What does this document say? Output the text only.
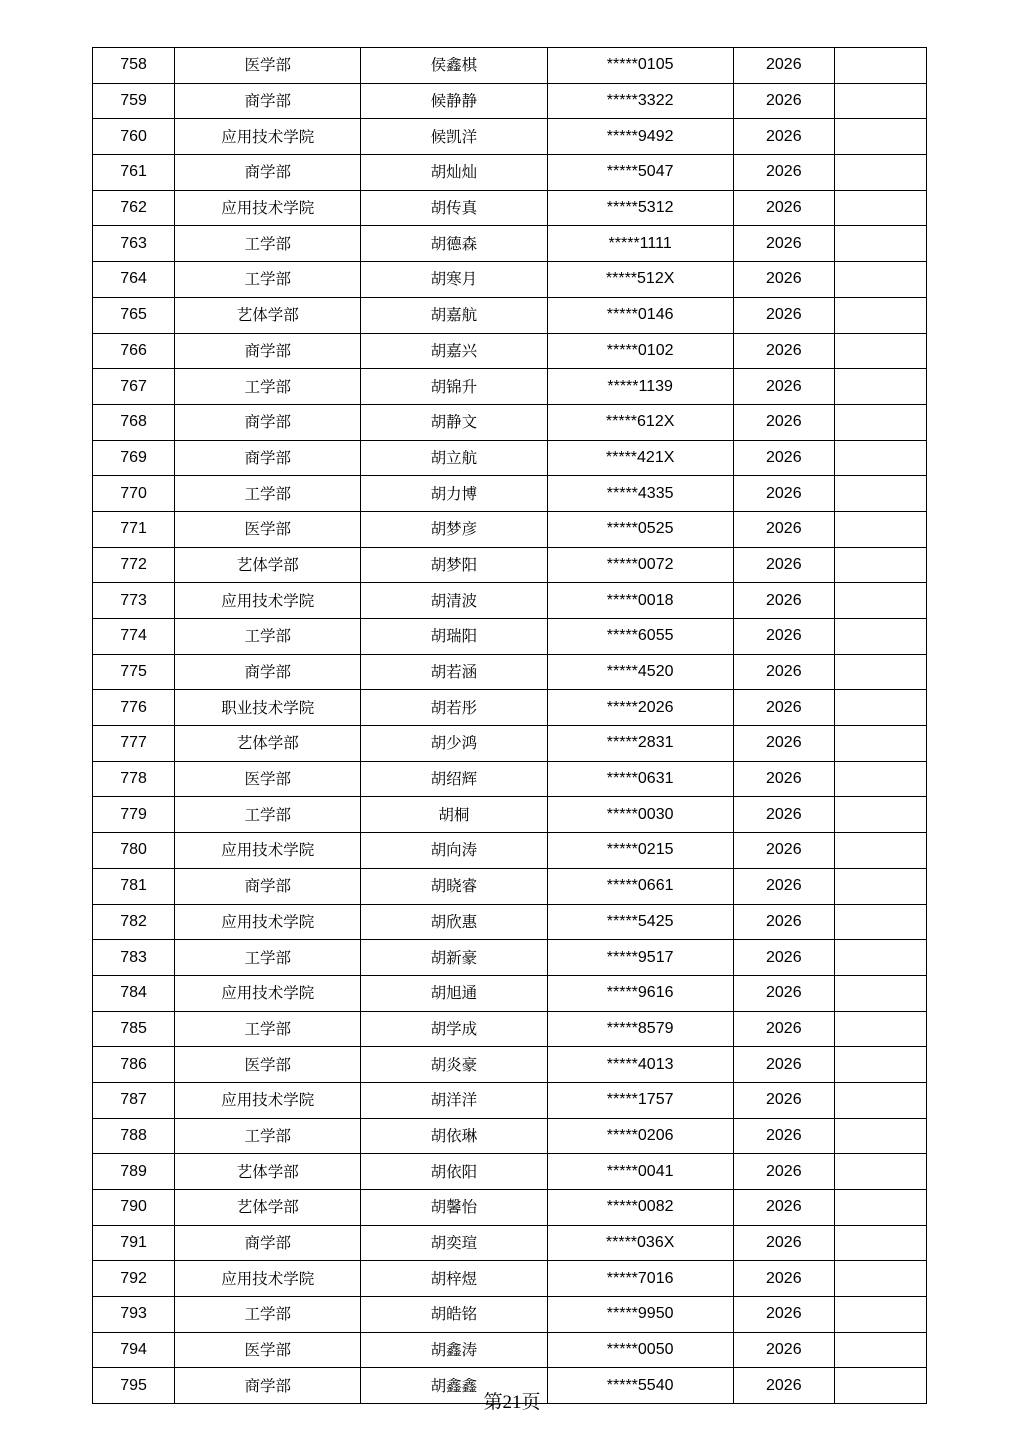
758	医学部	侯鑫棋	*****0105	2026	
759	商学部	候静静	*****3322	2026	
760	应用技术学院	候凯洋	*****9492	2026	
761	商学部	胡灿灿	*****5047	2026	
762	应用技术学院	胡传真	*****5312	2026	
763	工学部	胡德森	*****1111	2026	
764	工学部	胡寒月	*****512X	2026	
765	艺体学部	胡嘉航	*****0146	2026	
766	商学部	胡嘉兴	*****0102	2026	
767	工学部	胡锦升	*****1139	2026	
768	商学部	胡静文	*****612X	2026	
769	商学部	胡立航	*****421X	2026	
770	工学部	胡力博	*****4335	2026	
771	医学部	胡梦彦	*****0525	2026	
772	艺体学部	胡梦阳	*****0072	2026	
773	应用技术学院	胡清波	*****0018	2026	
774	工学部	胡瑞阳	*****6055	2026	
775	商学部	胡若涵	*****4520	2026	
776	职业技术学院	胡若彤	*****2026	2026	
777	艺体学部	胡少鸿	*****2831	2026	
778	医学部	胡绍辉	*****0631	2026	
779	工学部	胡桐	*****0030	2026	
780	应用技术学院	胡向涛	*****0215	2026	
781	商学部	胡晓睿	*****0661	2026	
782	应用技术学院	胡欣惠	*****5425	2026	
783	工学部	胡新豪	*****9517	2026	
784	应用技术学院	胡旭通	*****9616	2026	
785	工学部	胡学成	*****8579	2026	
786	医学部	胡炎豪	*****4013	2026	
787	应用技术学院	胡洋洋	*****1757	2026	
788	工学部	胡依琳	*****0206	2026	
789	艺体学部	胡依阳	*****0041	2026	
790	艺体学部	胡馨怡	*****0082	2026	
791	商学部	胡奕瑄	*****036X	2026	
792	应用技术学院	胡梓煜	*****7016	2026	
793	工学部	胡皓铭	*****9950	2026	
794	医学部	胡鑫涛	*****0050	2026	
795	商学部	胡鑫鑫	*****5540	2026	
第21页
